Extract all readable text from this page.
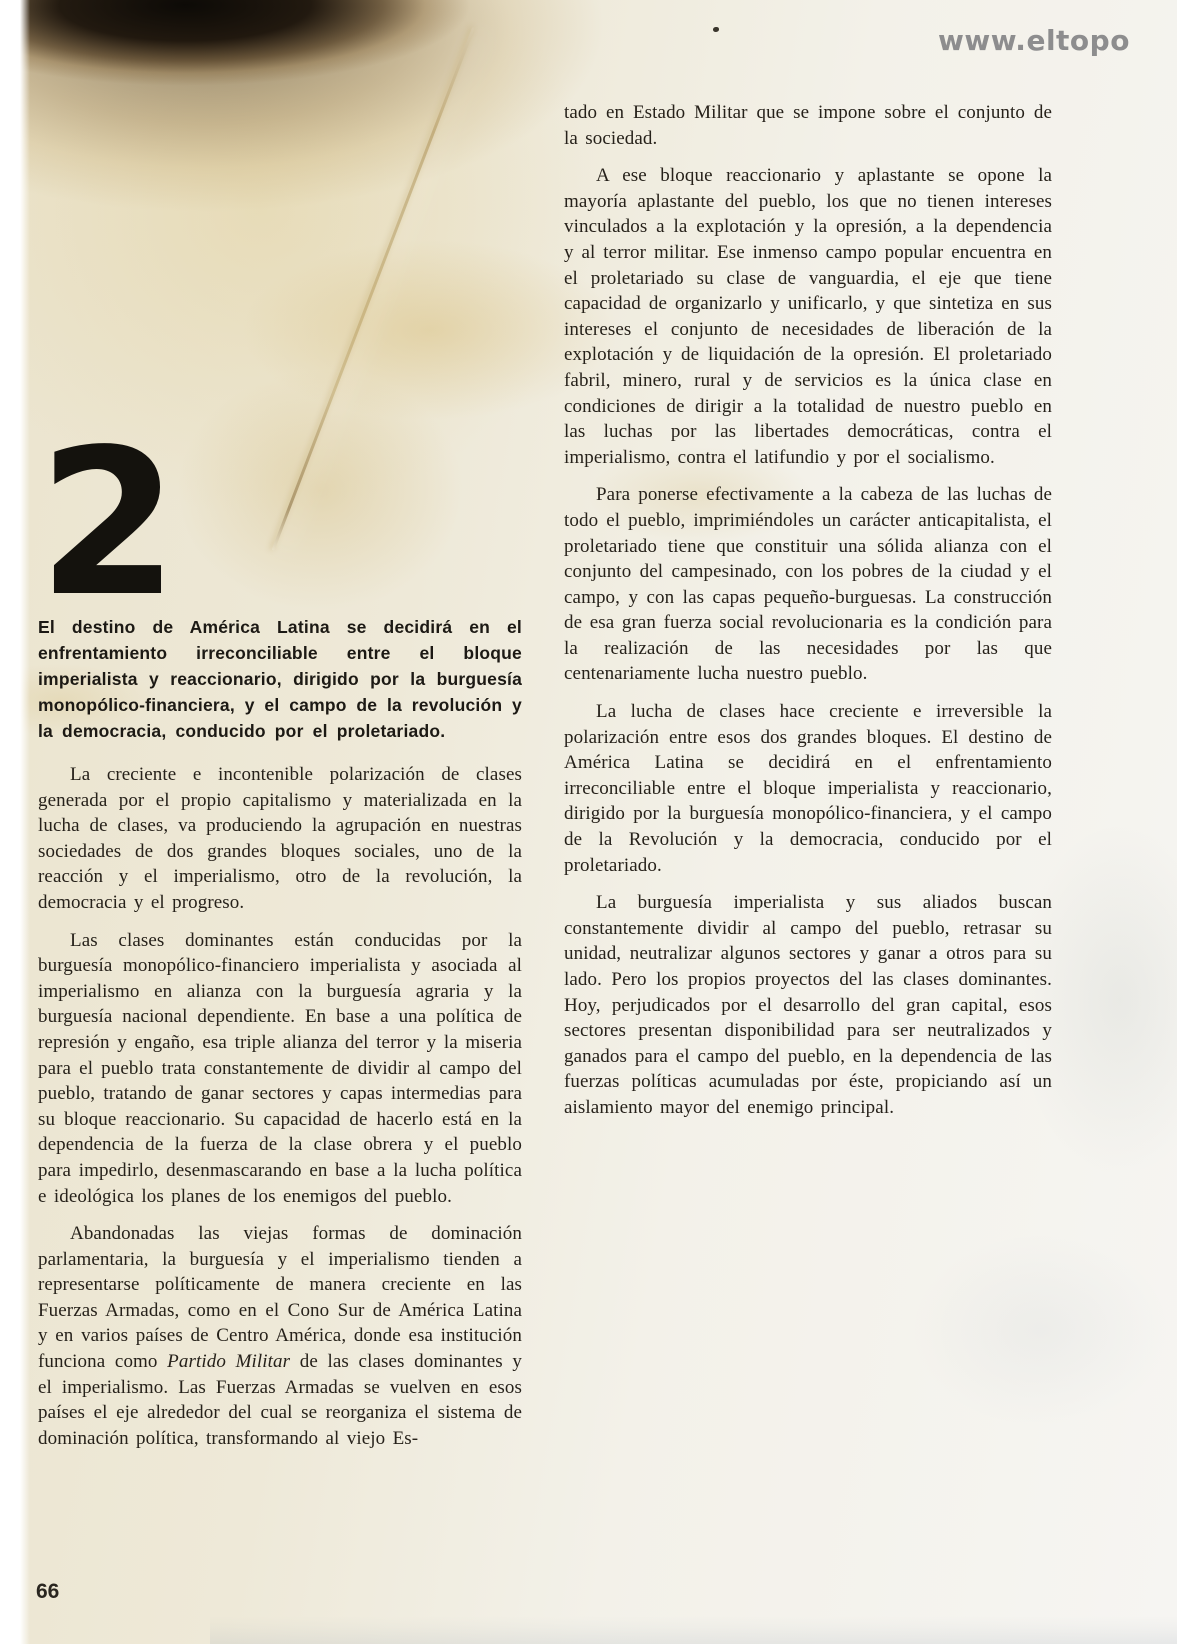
www.eltopo

tado en Estado Militar que se impone sobre el conjunto de la sociedad.

A ese bloque reaccionario y aplastante se opone la mayoría aplastante del pueblo, los que no tienen intereses vinculados a la explotación y la opresión, a la dependencia y al terror militar. Ese inmenso campo popular encuentra en el proletariado su clase de vanguardia, el eje que tiene capacidad de organizarlo y unificarlo, y que sintetiza en sus intereses el conjunto de necesidades de liberación de la explotación y de liquidación de la opresión. El proletariado fabril, minero, rural y de servicios es la única clase en condiciones de dirigir a la totalidad de nuestro pueblo en las luchas por las libertades democráticas, contra el imperialismo, contra el latifundio y por el socialismo.

Para ponerse efectivamente a la cabeza de las luchas de todo el pueblo, imprimiéndoles un carácter anticapitalista, el proletariado tiene que constituir una sólida alianza con el conjunto del campesinado, con los pobres de la ciudad y el campo, y con las capas pequeño-burguesas. La construcción de esa gran fuerza social revolucionaria es la condición para la realización de las necesidades por las que centenariamente lucha nuestro pueblo.

La lucha de clases hace creciente e irreversible la polarización entre esos dos grandes bloques. El destino de América Latina se decidirá en el enfrentamiento irreconciliable entre el bloque imperialista y reaccionario, dirigido por la burguesía monopólico-financiera, y el campo de la Revolución y la democracia, conducido por el proletariado.

La burguesía imperialista y sus aliados buscan constantemente dividir al campo del pueblo, retrasar su unidad, neutralizar algunos sectores y ganar a otros para su lado. Pero los propios proyectos del las clases dominantes. Hoy, perjudicados por el desarrollo del gran capital, esos sectores presentan disponibilidad para ser neutralizados y ganados para el campo del pueblo, en la dependencia de las fuerzas políticas acumuladas por éste, propiciando así un aislamiento mayor del enemigo principal.

2

El destino de América Latina se decidirá en el enfrentamiento irreconciliable entre el bloque imperialista y reaccionario, dirigido por la burguesía monopólico-financiera, y el campo de la revolución y la democracia, conducido por el proletariado.

La creciente e incontenible polarización de clases generada por el propio capitalismo y materializada en la lucha de clases, va produciendo la agrupación en nuestras sociedades de dos grandes bloques sociales, uno de la reacción y el imperialismo, otro de la revolución, la democracia y el progreso.

Las clases dominantes están conducidas por la burguesía monopólico-financiero imperialista y asociada al imperialismo en alianza con la burguesía agraria y la burguesía nacional dependiente. En base a una política de represión y engaño, esa triple alianza del terror y la miseria para el pueblo trata constantemente de dividir al campo del pueblo, tratando de ganar sectores y capas intermedias para su bloque reaccionario. Su capacidad de hacerlo está en la dependencia de la fuerza de la clase obrera y el pueblo para impedirlo, desenmascarando en base a la lucha política e ideológica los planes de los enemigos del pueblo.

Abandonadas las viejas formas de dominación parlamentaria, la burguesía y el imperialismo tienden a representarse políticamente de manera creciente en las Fuerzas Armadas, como en el Cono Sur de América Latina y en varios países de Centro América, donde esa institución funciona como Partido Militar de las clases dominantes y el imperialismo. Las Fuerzas Armadas se vuelven en esos países el eje alrededor del cual se reorganiza el sistema de dominación política, transformando al viejo Es-

66
